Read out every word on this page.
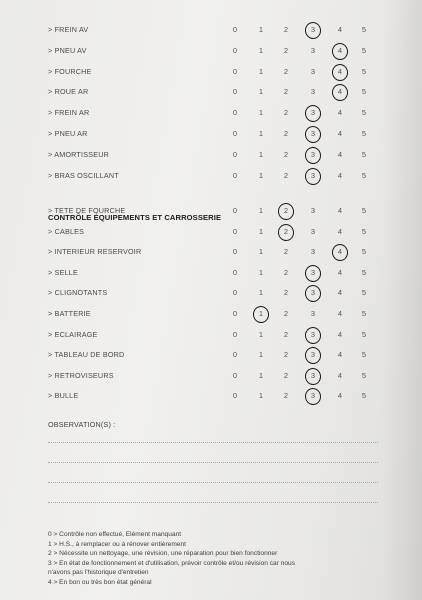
> FREIN AV	0	1	2	3	4	5
> PNEU AV	0	1	2	3	4	5
> FOURCHE	0	1	2	3	4	5
> ROUE AR	0	1	2	3	4	5
> FREIN AR	0	1	2	3	4	5
> PNEU AR	0	1	2	3	4	5
> AMORTISSEUR	0	1	2	3	4	5
> BRAS OSCILLANT	0	1	2	3	4	5
> TETE DE FOURCHE	0	1	2	3	4	5
> CABLES	0	1	2	3	4	5
> INTERIEUR RESERVOIR	0	1	2	3	4	5
> SELLE	0	1	2	3	4	5
> CLIGNOTANTS	0	1	2	3	4	5
> BATTERIE	0	1	2	3	4	5
> ECLAIRAGE	0	1	2	3	4	5
> TABLEAU DE BORD	0	1	2	3	4	5
> RETROVISEURS	0	1	2	3	4	5
> BULLE	0	1	2	3	4	5
CONTRÔLE ÉQUIPEMENTS ET CARROSSERIE
OBSERVATION(S) :
0 > Contrôle non effectué, Elément manquant
1 > H.S., à remplacer ou à rénover entièrement
2 > Nécessite un nettoyage, une révision, une réparation pour bien fonctionner
3 > En état de fonctionnement et d'utilisation, prévoir contrôle et/ou révision car nous
n'avons pas l'historique d'entretien
4 > En bon ou très bon état général
